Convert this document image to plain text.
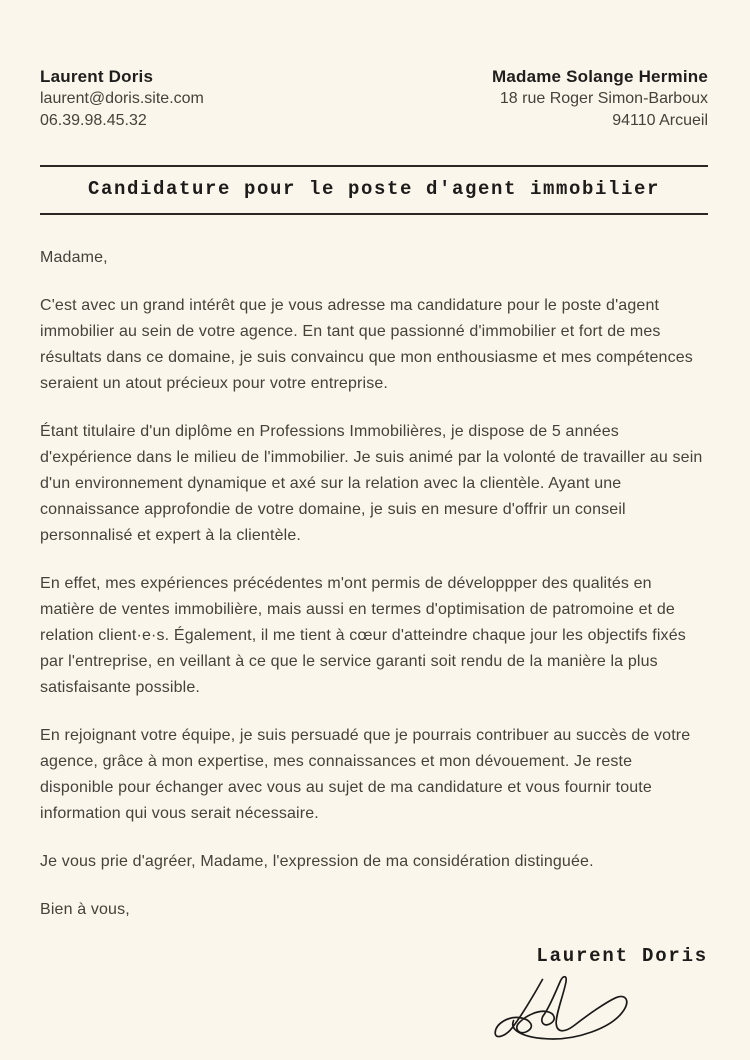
Laurent Doris
laurent@doris.site.com
06.39.98.45.32
Madame Solange Hermine
18 rue Roger Simon-Barboux
94110 Arcueil
Candidature pour le poste d'agent immobilier

Madame,

C'est avec un grand intérêt que je vous adresse ma candidature pour le poste d'agent immobilier au sein de votre agence. En tant que passionné d'immobilier et fort de mes résultats dans ce domaine, je suis convaincu que mon enthousiasme et mes compétences seraient un atout précieux pour votre entreprise.

Étant titulaire d'un diplôme en Professions Immobilières, je dispose de 5 années d'expérience dans le milieu de l'immobilier. Je suis animé par la volonté de travailler au sein d'un environnement dynamique et axé sur la relation avec la clientèle. Ayant une connaissance approfondie de votre domaine, je suis en mesure d'offrir un conseil personnalisé et expert à la clientèle.

En effet, mes expériences précédentes m'ont permis de développper des qualités en matière de ventes immobilière, mais aussi en termes d'optimisation de patromoine et de relation client·e·s. Également, il me tient à cœur d'atteindre chaque jour les objectifs fixés par l'entreprise, en veillant à ce que le service garanti soit rendu de la manière la plus satisfaisante possible.

En rejoignant votre équipe, je suis persuadé que je pourrais contribuer au succès de votre agence, grâce à mon expertise, mes connaissances et mon dévouement. Je reste disponible pour échanger avec vous au sujet de ma candidature et vous fournir toute information qui vous serait nécessaire.

Je vous prie d'agréer, Madame, l'expression de ma considération distinguée.

Bien à vous,

Laurent Doris
